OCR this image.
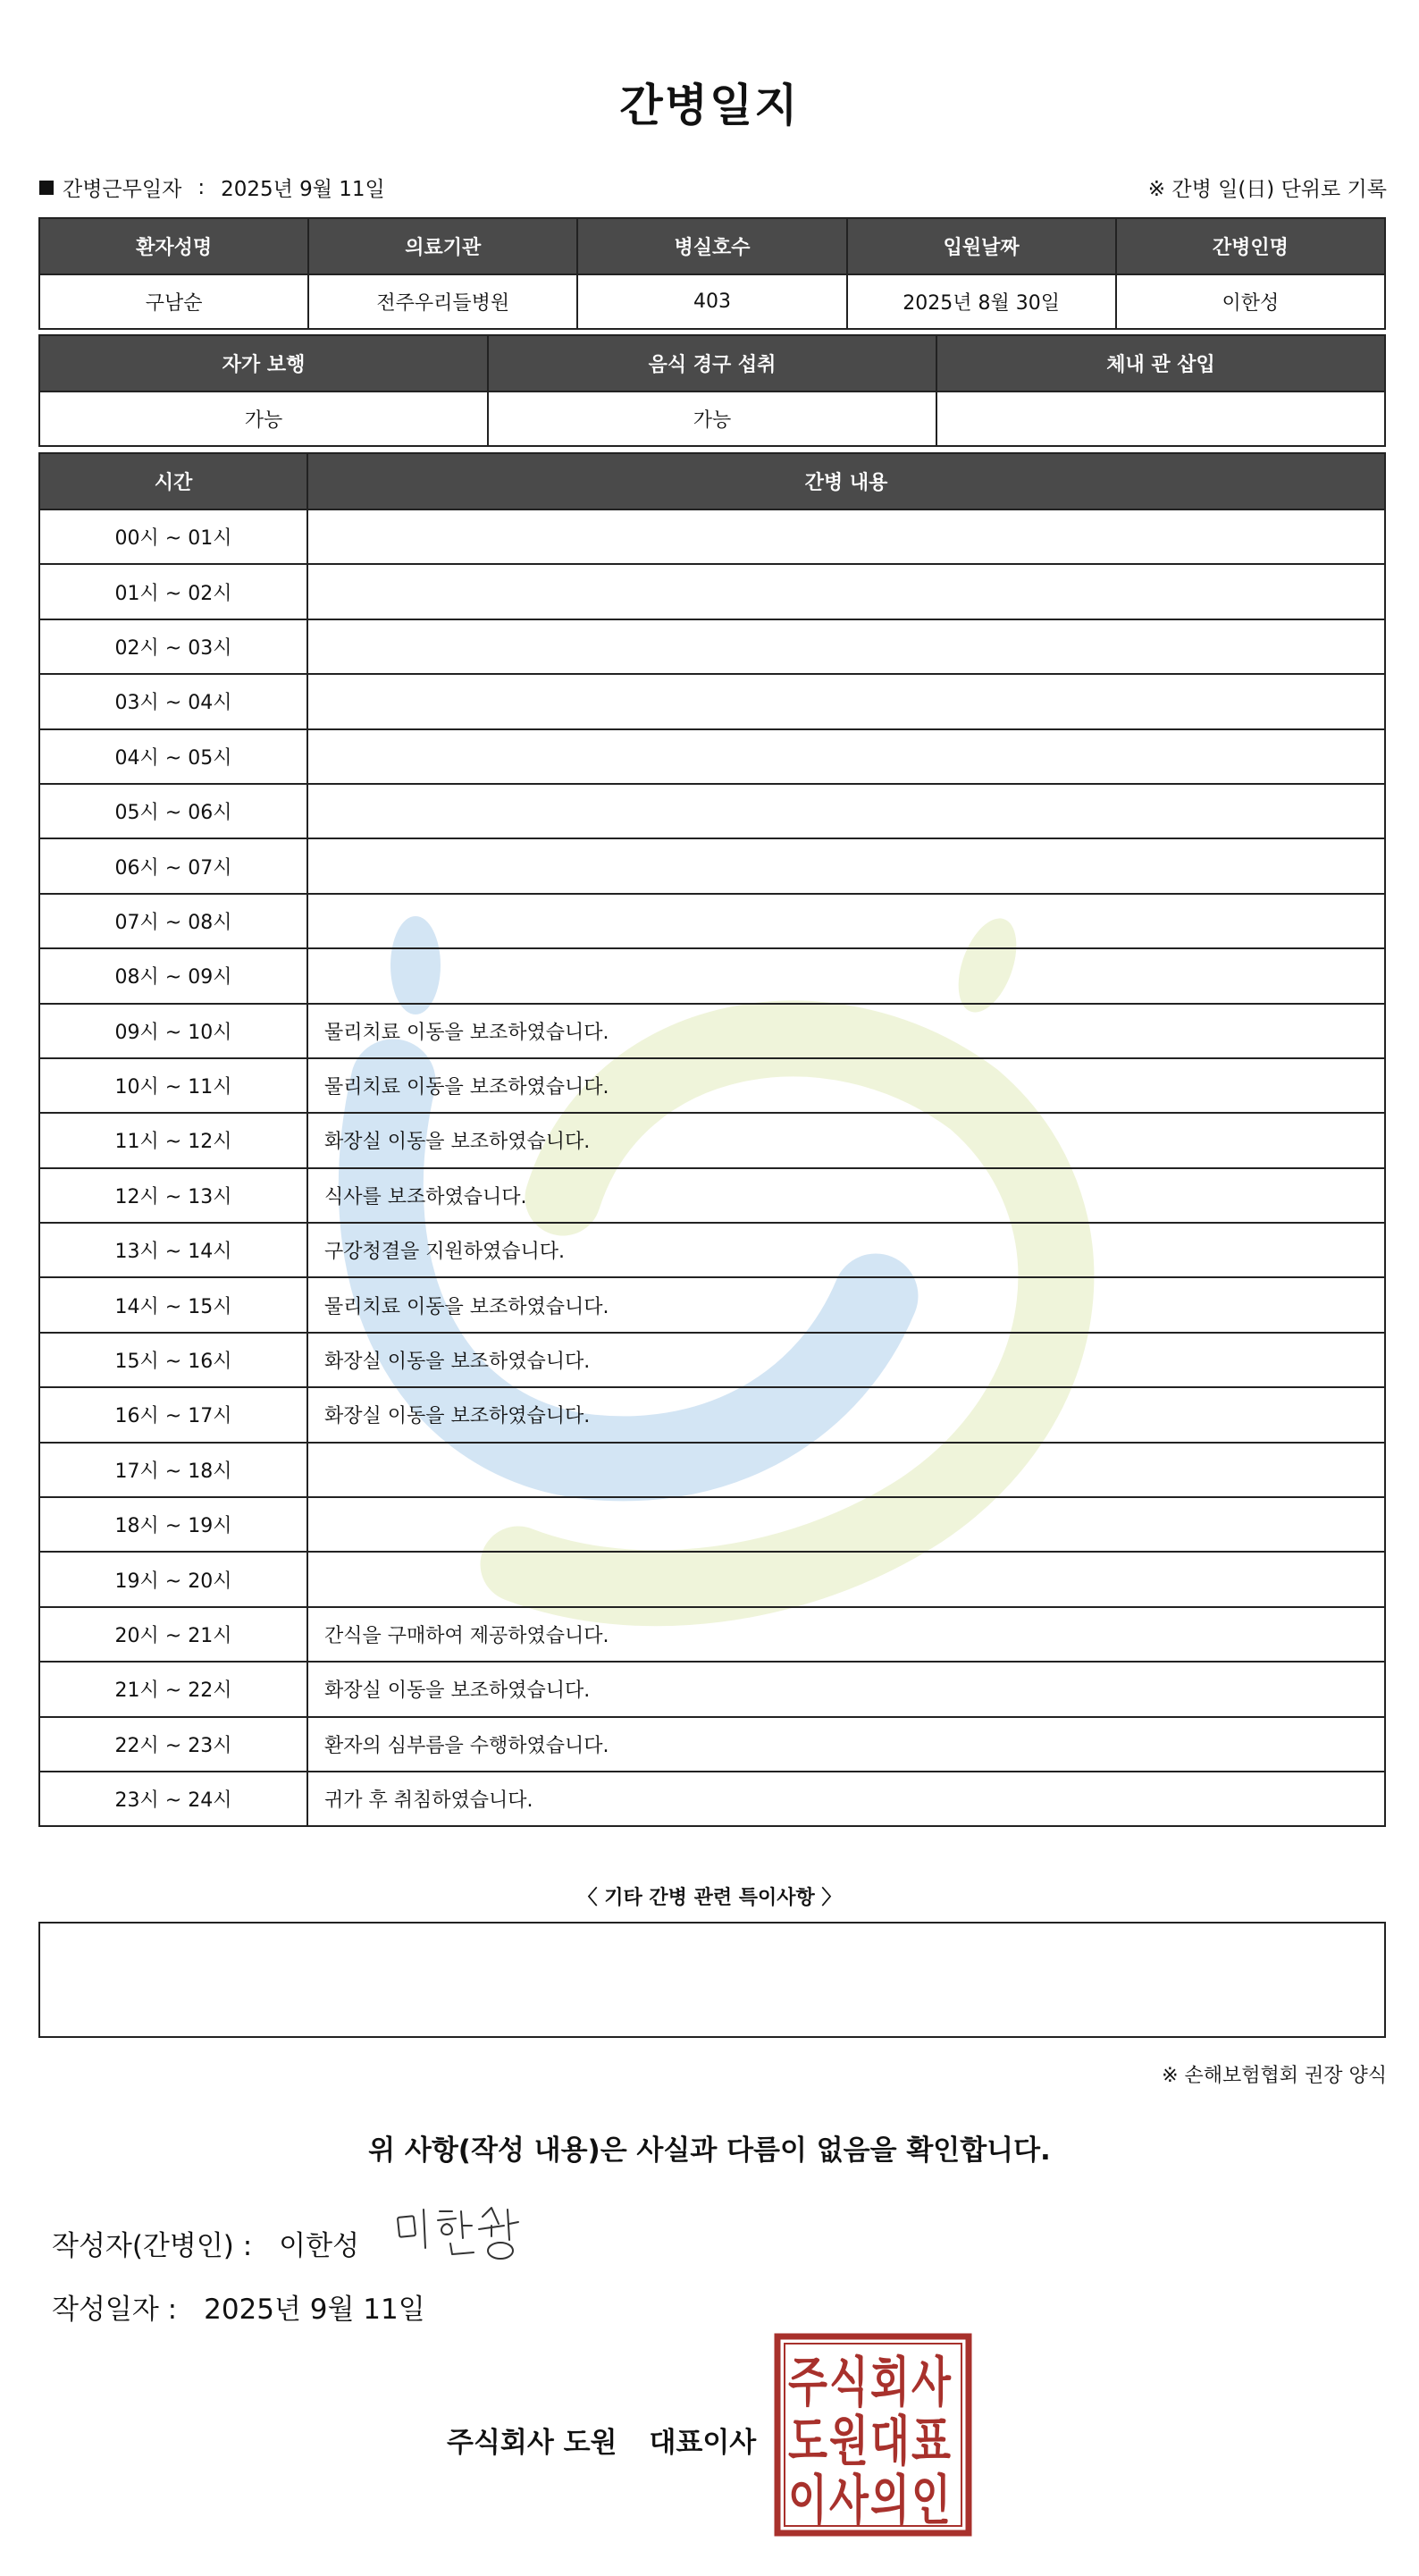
간병일지
간병근무일자 : 2025년 9월 11일	※ 간병 일(日) 단위로 기록
환자성명	의료기관	병실호수	입원날짜	간병인명
구남순	전주우리들병원	403	2025년 8월 30일	이한성
자가 보행	음식 경구 섭취	체내 관 삽입
가능	가능	
시간	간병 내용
00시 ~ 01시	
01시 ~ 02시	
02시 ~ 03시	
03시 ~ 04시	
04시 ~ 05시	
05시 ~ 06시	
06시 ~ 07시	
07시 ~ 08시	
08시 ~ 09시	
09시 ~ 10시	물리치료 이동을 보조하였습니다.
10시 ~ 11시	물리치료 이동을 보조하였습니다.
11시 ~ 12시	화장실 이동을 보조하였습니다.
12시 ~ 13시	식사를 보조하였습니다.
13시 ~ 14시	구강청결을 지원하였습니다.
14시 ~ 15시	물리치료 이동을 보조하였습니다.
15시 ~ 16시	화장실 이동을 보조하였습니다.
16시 ~ 17시	화장실 이동을 보조하였습니다.
17시 ~ 18시	
18시 ~ 19시	
19시 ~ 20시	
20시 ~ 21시	간식을 구매하여 제공하였습니다.
21시 ~ 22시	화장실 이동을 보조하였습니다.
22시 ~ 23시	환자의 심부름을 수행하였습니다.
23시 ~ 24시	귀가 후 취침하였습니다.
〈 기타 간병 관련 특이사항 〉
※ 손해보험협회 권장 양식
위 사항(작성 내용)은 사실과 다름이 없음을 확인합니다.
작성자(간병인) : 이한성
작성일자 : 2025년 9월 11일
주식회사 도원 대표이사
주 식 회 사
도 원 대 표
이 사 의 인
